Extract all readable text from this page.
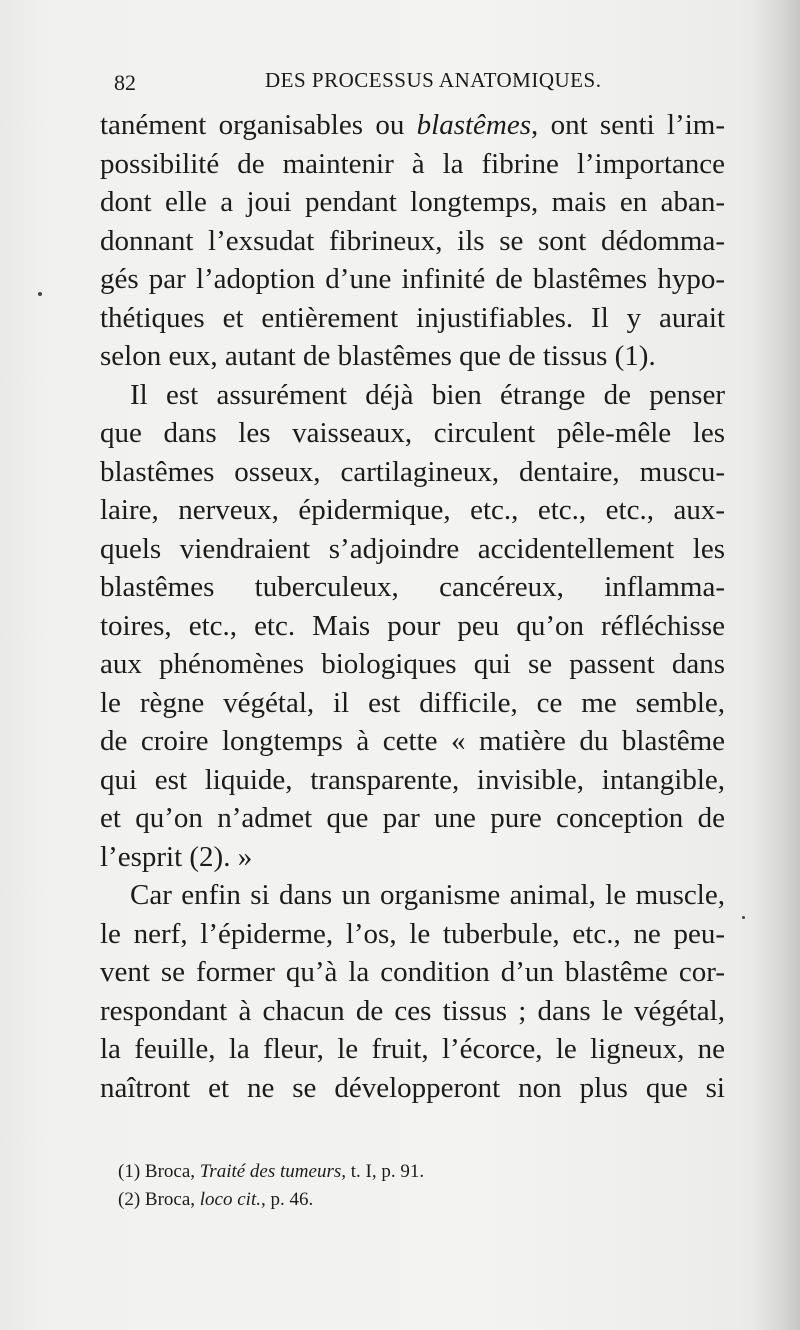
82	DES PROCESSUS ANATOMIQUES.
tanément organisables ou blastêmes, ont senti l’im-
possibilité de maintenir à la fibrine l’importance
dont elle a joui pendant longtemps, mais en aban-
donnant l’exsudat fibrineux, ils se sont dédomma-
gés par l’adoption d’une infinité de blastêmes hypo-
thétiques et entièrement injustifiables. Il y aurait
selon eux, autant de blastêmes que de tissus (1).
Il est assurément déjà bien étrange de penser
que dans les vaisseaux, circulent pêle-mêle les
blastêmes osseux, cartilagineux, dentaire, muscu-
laire, nerveux, épidermique, etc., etc., etc., aux-
quels viendraient s’adjoindre accidentellement les
blastêmes tuberculeux, cancéreux, inflamma-
toires, etc., etc. Mais pour peu qu’on réfléchisse
aux phénomènes biologiques qui se passent dans
le règne végétal, il est difficile, ce me semble,
de croire longtemps à cette « matière du blastême
qui est liquide, transparente, invisible, intangible,
et qu’on n’admet que par une pure conception de
l’esprit (2). »
Car enfin si dans un organisme animal, le muscle,
le nerf, l’épiderme, l’os, le tuberbule, etc., ne peu-
vent se former qu’à la condition d’un blastême cor-
respondant à chacun de ces tissus ; dans le végétal,
la feuille, la fleur, le fruit, l’écorce, le ligneux, ne
naîtront et ne se développeront non plus que si
(1) Broca, Traité des tumeurs, t. I, p. 91.
(2) Broca, loco cit., p. 46.
